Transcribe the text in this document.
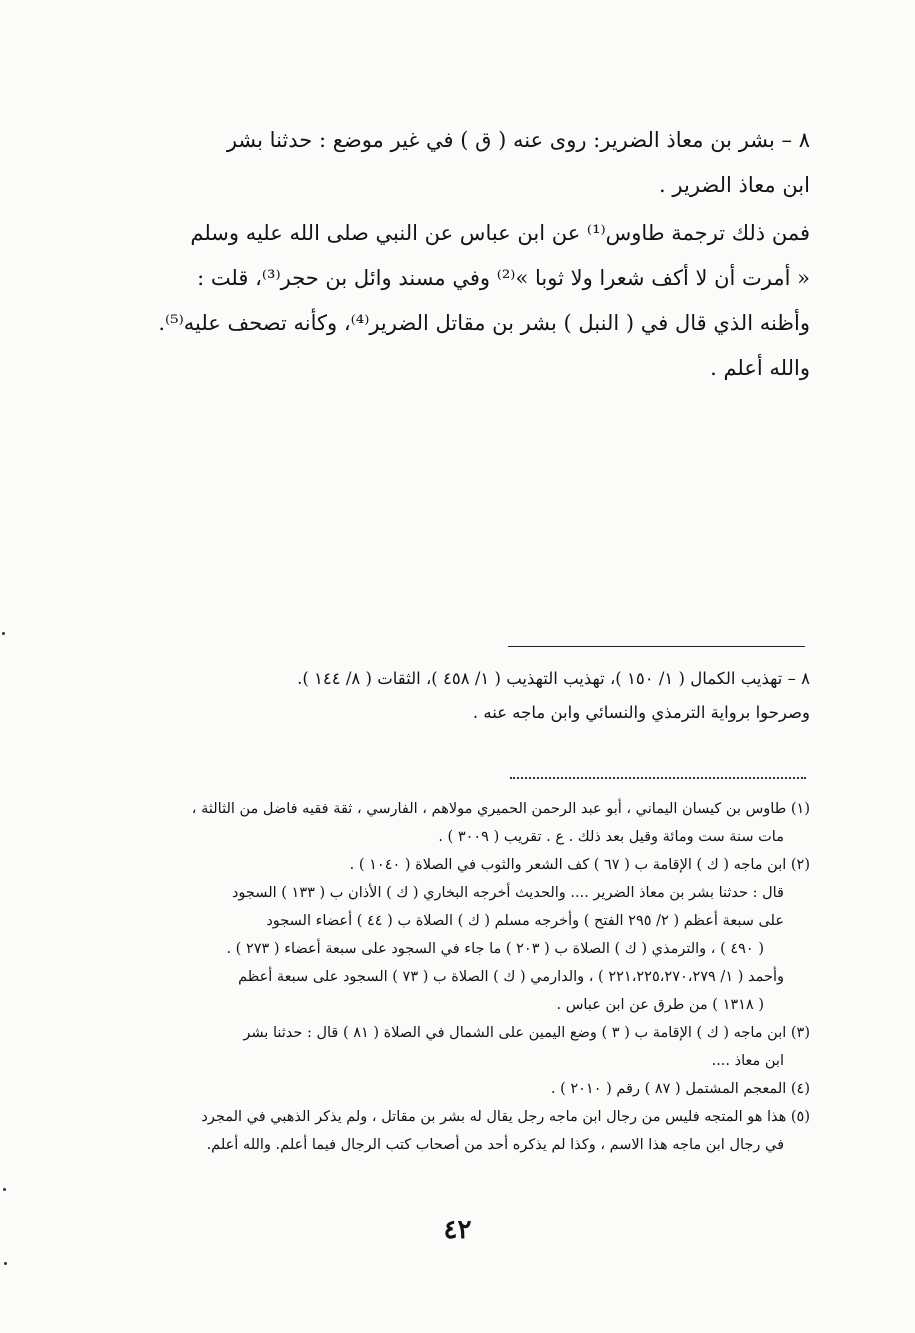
٨ – بشر بن معاذ الضرير: روى عنه ( ق ) في غير موضع : حدثنا بشر
ابن معاذ الضرير .
فمن ذلك ترجمة طاوس⁽¹⁾ عن ابن عباس عن النبي صلى الله عليه وسلم
« أمرت أن لا أكف شعرا ولا ثوبا »⁽²⁾ وفي مسند وائل بن حجر⁽³⁾، قلت :
وأظنه الذي قال في ( النبل ) بشر بن مقاتل الضرير⁽⁴⁾، وكأنه تصحف عليه⁽⁵⁾.
والله أعلم .
٨ – تهذيب الكمال ( ١/ ١٥٠ )، تهذيب التهذيب ( ١/ ٤٥٨ )، الثقات ( ٨/ ١٤٤ ).
وصرحوا برواية الترمذي والنسائي وابن ماجه عنه .
(١) طاوس بن كيسان اليماني ، أبو عبد الرحمن الحميري مولاهم ، الفارسي ، ثقة فقيه فاضل من الثالثة ،
مات سنة ست ومائة وقيل بعد ذلك . ع . تقريب ( ٣٠٠٩ ) .
(٢) ابن ماجه ( ك ) الإقامة ب ( ٦٧ ) كف الشعر والثوب في الصلاة ( ١٠٤٠ ) .
قال : حدثنا بشر بن معاذ الضرير .... والحديث أخرجه البخاري ( ك ) الأذان ب ( ١٣٣ ) السجود
على سبعة أعظم ( ٢/ ٢٩٥ الفتح ) وأخرجه مسلم ( ك ) الصلاة ب ( ٤٤ ) أعضاء السجود
( ٤٩٠ ) ، والترمذي ( ك ) الصلاة ب ( ٢٠٣ ) ما جاء في السجود على سبعة أعضاء ( ٢٧٣ ) .
وأحمد ( ١/ ٢٢١،٢٢٥،٢٧٠،٢٧٩ ) ، والدارمي ( ك ) الصلاة ب ( ٧٣ ) السجود على سبعة أعظم
( ١٣١٨ ) من طرق عن ابن عباس .
(٣) ابن ماجه ( ك ) الإقامة ب ( ٣ ) وضع اليمين على الشمال في الصلاة ( ٨١ ) قال : حدثنا بشر
ابن معاذ ....
(٤) المعجم المشتمل ( ٨٧ ) رقم ( ٢٠١٠ ) .
(٥) هذا هو المتجه فليس من رجال ابن ماجه رجل يقال له بشر بن مقاتل ، ولم يذكر الذهبي في المجرد
في رجال ابن ماجه هذا الاسم ، وكذا لم يذكره أحد من أصحاب كتب الرجال فيما أعلم. والله أعلم.
٤٢
